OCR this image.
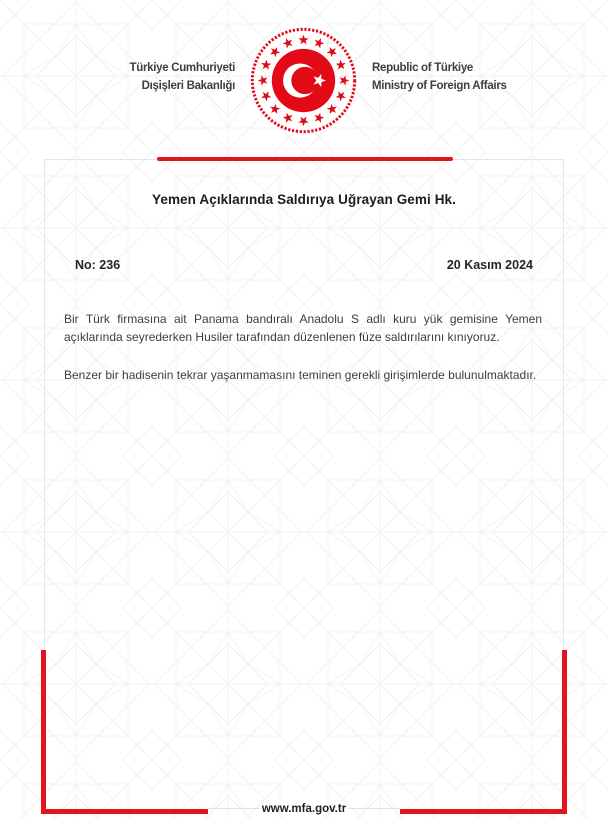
Türkiye Cumhuriyeti
Dışişleri Bakanlığı
Republic of Türkiye
Ministry of Foreign Affairs
Yemen Açıklarında Saldırıya Uğrayan Gemi Hk.
No: 236	20 Kasım 2024

Bir Türk firmasına ait Panama bandıralı Anadolu S adlı kuru yük gemisine Yemen açıklarında seyrederken Husiler tarafından düzenlenen füze saldırılarını kınıyoruz.

Benzer bir hadisenin tekrar yaşanmamasını teminen gerekli girişimlerde bulunulmaktadır.

www.mfa.gov.tr
